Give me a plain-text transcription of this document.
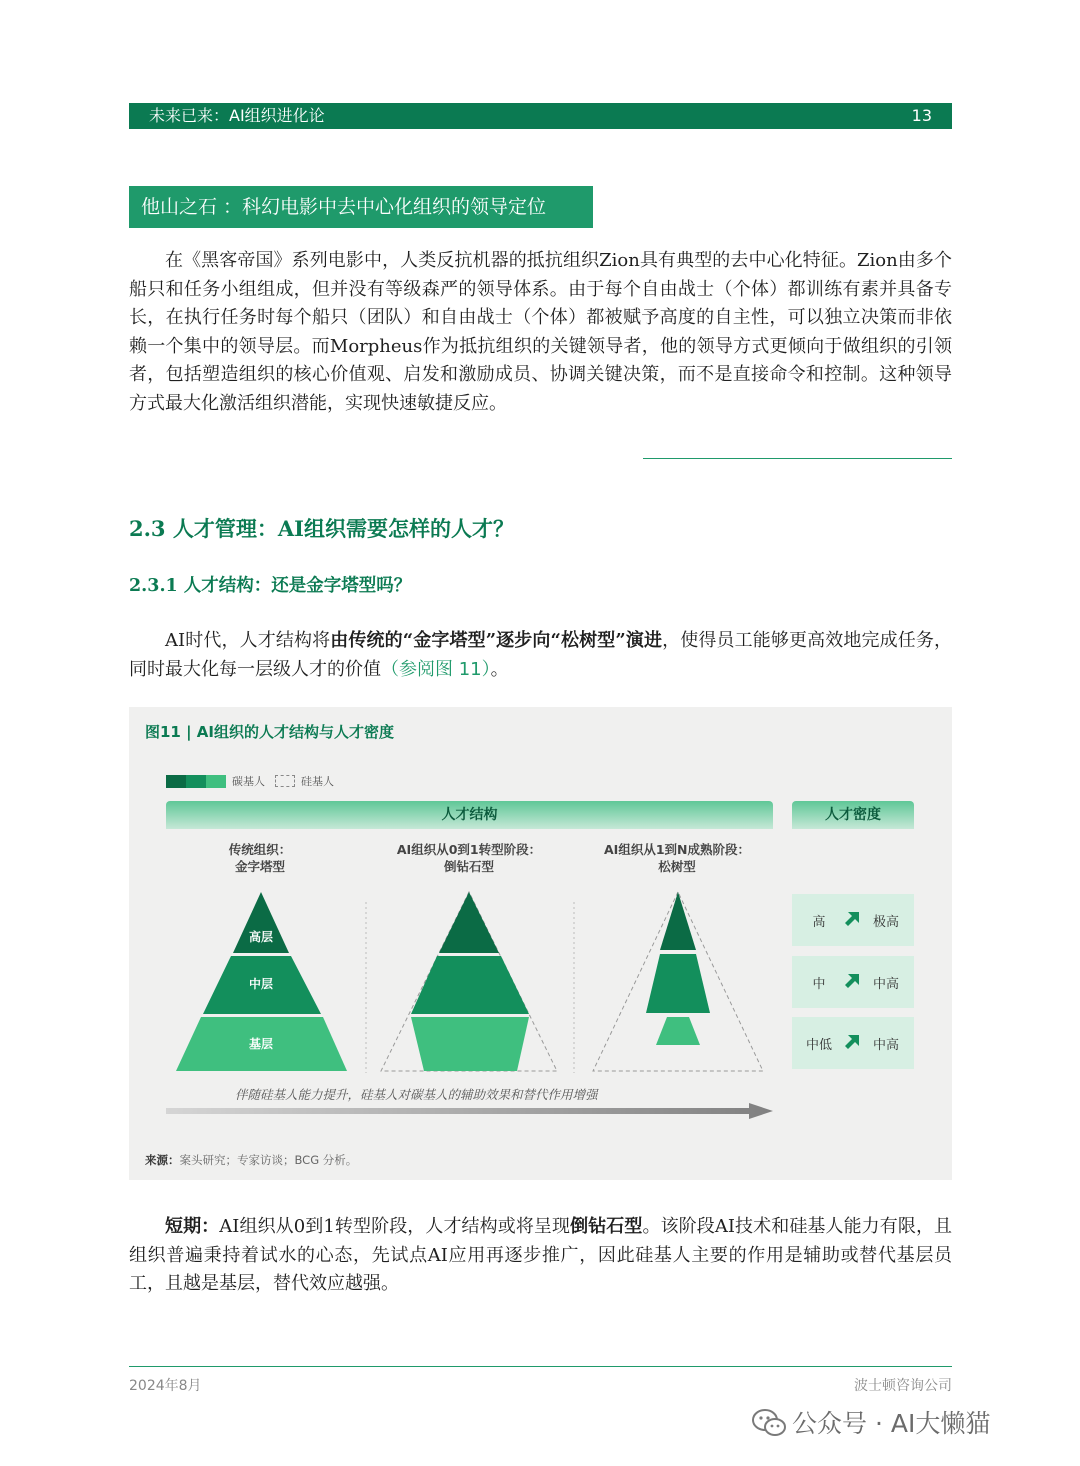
未来已来：AI组织进化论	13
他山之石 ：科幻电影中去中心化组织的领导定位

在《黑客帝国》系列电影中，人类反抗机器的抵抗组织Zion具有典型的去中心化特征。Zion由多个船只和任务小组组成，但并没有等级森严的领导体系。由于每个自由战士（个体）都训练有素并具备专长，在执行任务时每个船只（团队）和自由战士（个体）都被赋予高度的自主性，可以独立决策而非依赖一个集中的领导层。而Morpheus作为抵抗组织的关键领导者，他的领导方式更倾向于做组织的引领者，包括塑造组织的核心价值观、启发和激励成员、协调关键决策，而不是直接命令和控制。这种领导方式最大化激活组织潜能，实现快速敏捷反应。

2.3 人才管理：AI组织需要怎样的人才？
2.3.1 人才结构：还是金字塔型吗？

AI时代，人才结构将由传统的“金字塔型”逐步向“松树型”演进，使得员工能够更高效地完成任务，同时最大化每一层级人才的价值（参阅图 11）。

图11 | AI组织的人才结构与人才密度
碳基人	硅基人
人才结构	人才密度
传统组织：
金字塔型
AI组织从0到1转型阶段：
倒钻石型
AI组织从1到N成熟阶段：
松树型
高层
中层
基层
高	极高
中	中高
中低	中高
伴随硅基人能力提升，硅基人对碳基人的辅助效果和替代作用增强
来源：案头研究；专家访谈；BCG 分析。

短期：AI组织从0到1转型阶段，人才结构或将呈现倒钻石型。该阶段AI技术和硅基人能力有限，且组织普遍秉持着试水的心态，先试点AI应用再逐步推广，因此硅基人主要的作用是辅助或替代基层员工，且越是基层，替代效应越强。

2024年8月	波士顿咨询公司
公众号 · AI大懒猫
